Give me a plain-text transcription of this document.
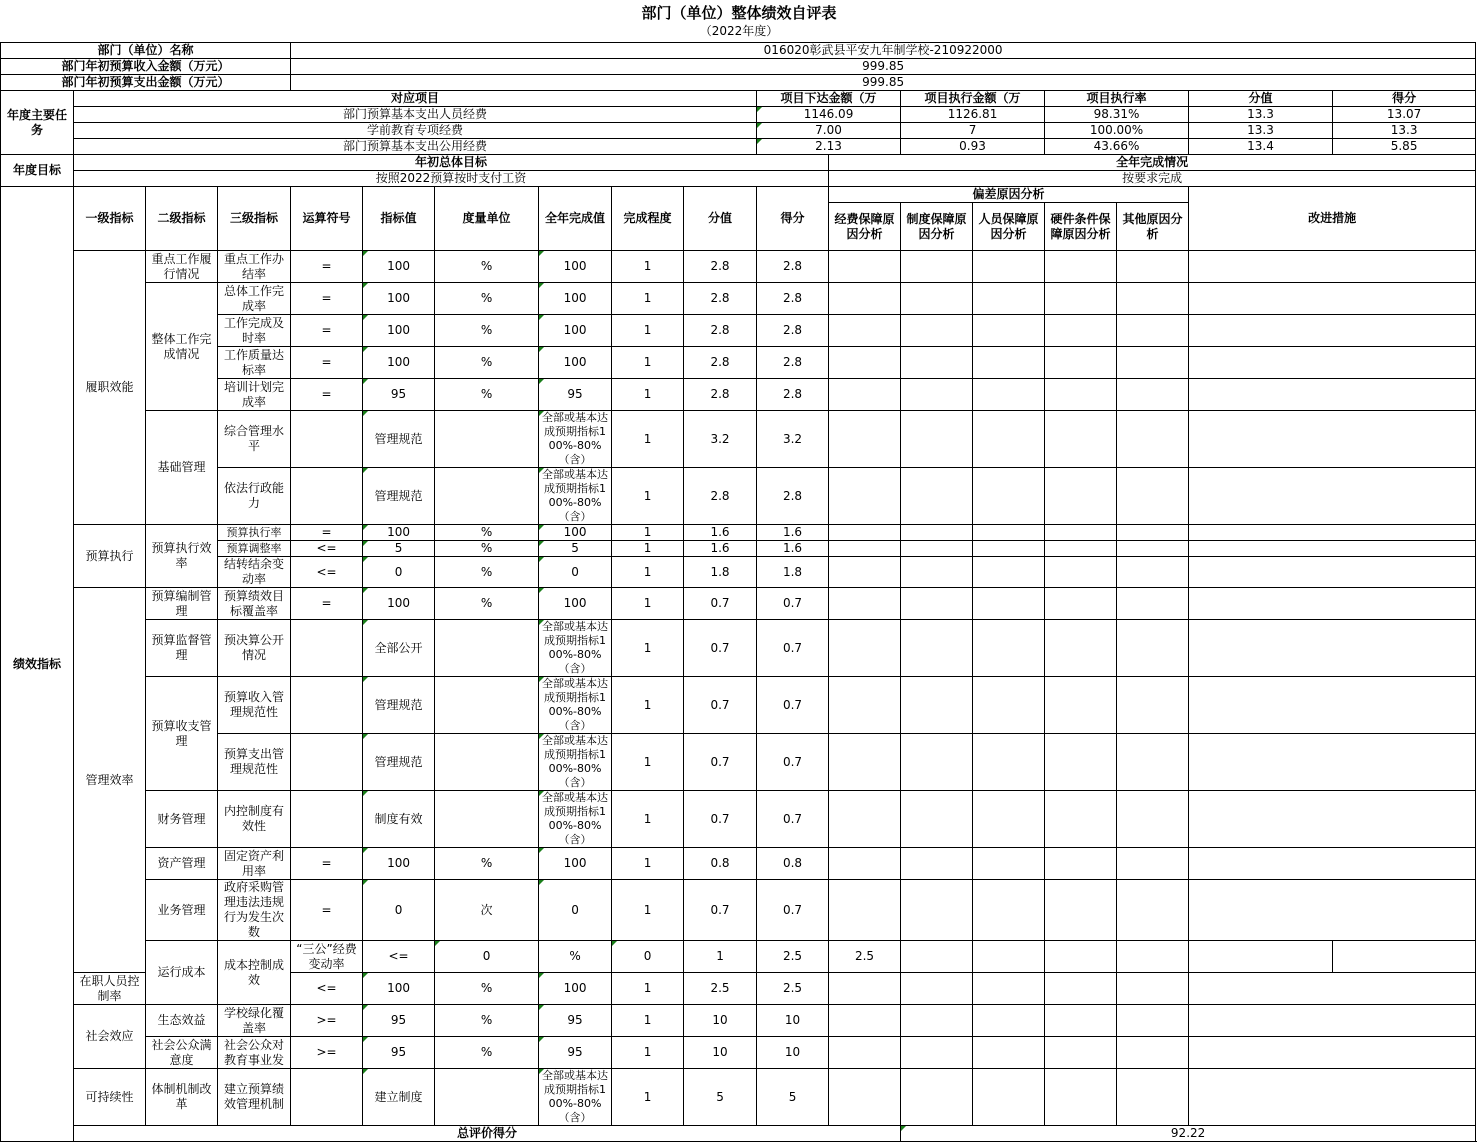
部门（单位）整体绩效自评表
（2022年度）
部门（单位）名称				016020彰武县平安九年制学校-210922000													
部门年初预算收入金额（万元）				999.85													
部门年初预算支出金额（万元）				999.85													
年度主要任务	对应项目									项目下达金额（万		项目执行金额（万		项目执行率		分值	得分
	部门预算基本支出人员经费									1146.09		1126.81		98.31%		13.3	13.07
	学前教育专项经费									7.00		7		100.00%		13.3	13.3
	部门预算基本支出公用经费									2.13		0.93		43.66%		13.4	5.85
年度目标	年初总体目标										全年完成情况						
	按照2022预算按时支付工资										按要求完成						
绩效指标	一级指标	二级指标	三级指标	运算符号	指标值	度量单位	全年完成值	完成程度	分值	得分	偏差原因分析					改进措施	
											经费保障原因分析	制度保障原因分析	人员保障原因分析	硬件条件保障原因分析	其他原因分析		
	履职效能	重点工作履行情况	重点工作办结率	=	100	%	100	1	2.8	2.8							
		整体工作完成情况	总体工作完成率	=	100	%	100	1	2.8	2.8							
			工作完成及时率	=	100	%	100	1	2.8	2.8							
			工作质量达标率	=	100	%	100	1	2.8	2.8							
			培训计划完成率	=	95	%	95	1	2.8	2.8							
		基础管理	综合管理水平		管理规范		全部或基本达成预期指标100%-80%（含）	1	3.2	3.2							
			依法行政能力		管理规范		全部或基本达成预期指标100%-80%（含）	1	2.8	2.8							
	预算执行	预算执行效率	预算执行率	=	100	%	100	1	1.6	1.6							
			预算调整率	<=	5	%	5	1	1.6	1.6							
			结转结余变动率	<=	0	%	0	1	1.8	1.8							
	管理效率	预算编制管理	预算绩效目标覆盖率	=	100	%	100	1	0.7	0.7							
		预算监督管理	预决算公开情况		全部公开		全部或基本达成预期指标100%-80%（含）	1	0.7	0.7							
		预算收支管理	预算收入管理规范性		管理规范		全部或基本达成预期指标100%-80%（含）	1	0.7	0.7							
			预算支出管理规范性		管理规范		全部或基本达成预期指标100%-80%（含）	1	0.7	0.7							
		财务管理	内控制度有效性		制度有效		全部或基本达成预期指标100%-80%（含）	1	0.7	0.7							
		资产管理	固定资产利用率	=	100	%	100	1	0.8	0.8							
		业务管理	政府采购管理违法违规行为发生次数	=	0	次	0	1	0.7	0.7							
		运行成本	成本控制成效	“三公”经费变动率	<=	0	%	0	1	2.5	2.5						
	在职人员控制率			<=	100	%	100	1	2.5	2.5							
	社会效应	生态效益	学校绿化覆盖率	>=	95	%	95	1	10	10							
		社会公众满意度	社会公众对教育事业发	>=	95	%	95	1	10	10							
	可持续性	体制机制改革	建立预算绩效管理机制		建立制度		全部或基本达成预期指标100%-80%（含）	1	5	5							
	总评价得分											92.22					
